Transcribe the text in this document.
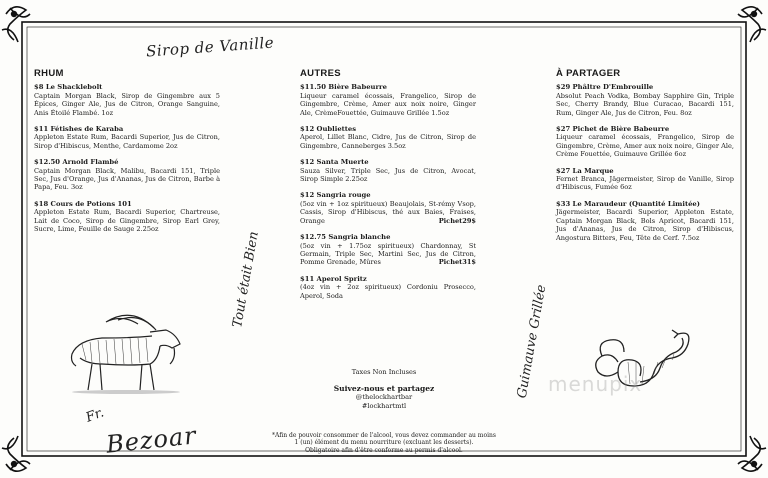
Sirop de Vanille
RHUM
$8 Le Shacklebolt
Captain Morgan Black, Sirop de Gingembre aux 5 Épices, Ginger Ale, Jus de Citron, Orange Sanguine, Anis Étoilé Flambé. 1oz
$11 Fétishes de Karaba
Appleton Estate Rum, Bacardi Superior, Jus de Citron, Sirop d'Hibiscus, Menthe, Cardamome 2oz
$12.50 Arnold Flambé
Captain Morgan Black, Malibu, Bacardi 151, Triple Sec, Jus d'Orange, Jus d'Ananas, Jus de Citron, Barbe à Papa, Feu. 3oz
$18 Cours de Potions 101
Appleton Estate Rum, Bacardi Superior, Chartreuse, Lait de Coco, Sirop de Gingembre, Sirop Earl Grey, Sucre, Lime, Feuille de Sauge 2.25oz
Fr.
Bezoar
Tout était Bien
AUTRES
$11.50 Bière Babeurre
Liqueur caramel écossais, Frangelico, Sirop de Gingembre, Crème, Amer aux noix noire, Ginger Ale, CrèmeFouettée, Guimauve Grillée 1.5oz
$12 Oubliettes
Aperol, Lillet Blanc, Cidre, Jus de Citron, Sirop de Gingembre, Canneberges 3.5oz
$12 Santa Muerte
Sauza Silver, Triple Sec, Jus de Citron, Avocat, Sirop Simple 2.25oz
$12 Sangria rouge
(5oz vin + 1oz spiritueux) Beaujolais, St-rémy Vsop, Cassis, Sirop d'Hibiscus, thé aux Baies, Fraises, Orange	Pichet29$
$12.75 Sangria blanche
(5oz vin + 1.75oz spiritueux) Chardonnay, St Germain, Triple Sec, Martini Sec, Jus de Citron, Pomme Grenade, Mûres	Pichet31$
$11 Aperol Spritz
(4oz vin + 2oz spiritueux) Cordoniu Prosecco, Aperol, Soda
Taxes Non Incluses
Suivez-nous et partagez
@thelockhartbar
#lockhartmtl
*Afin de pouvoir consommer de l'alcool, vous devez commander au moins
1 (un) élément du menu nourriture (excluant les desserts).
Obligatoire afin d'être conforme au permis d'alcool.
Guimauve Grillée
À PARTAGER
$29 Phâltre D'Embrouille
Absolut Peach Vodka, Bombay Sapphire Gin, Triple Sec, Cherry Brandy, Blue Curacao, Bacardi 151, Rum, Ginger Ale, Jus de Citron, Feu. 8oz
$27 Pichet de Bière Babeurre
Liqueur caramel écossais, Frangelico, Sirop de Gingembre, Crème, Amer aux noix noire, Ginger Ale, Crème Fouettée, Guimauve Grillée 6oz
$27 La Marque
Fernet Branca, Jägermeister, Sirop de Vanille, Sirop d'Hibiscus, Fumée 6oz
$33 Le Maraudeur (Quantité Limitée)
Jägermeister, Bacardi Superior, Appleton Estate, Captain Morgan Black, Bols Apricot, Bacardi 151, Jus d'Ananas, Jus de Citron, Sirop d'Hibiscus, Angostura Bitters, Feu, Tête de Cerf. 7.5oz
menupix
